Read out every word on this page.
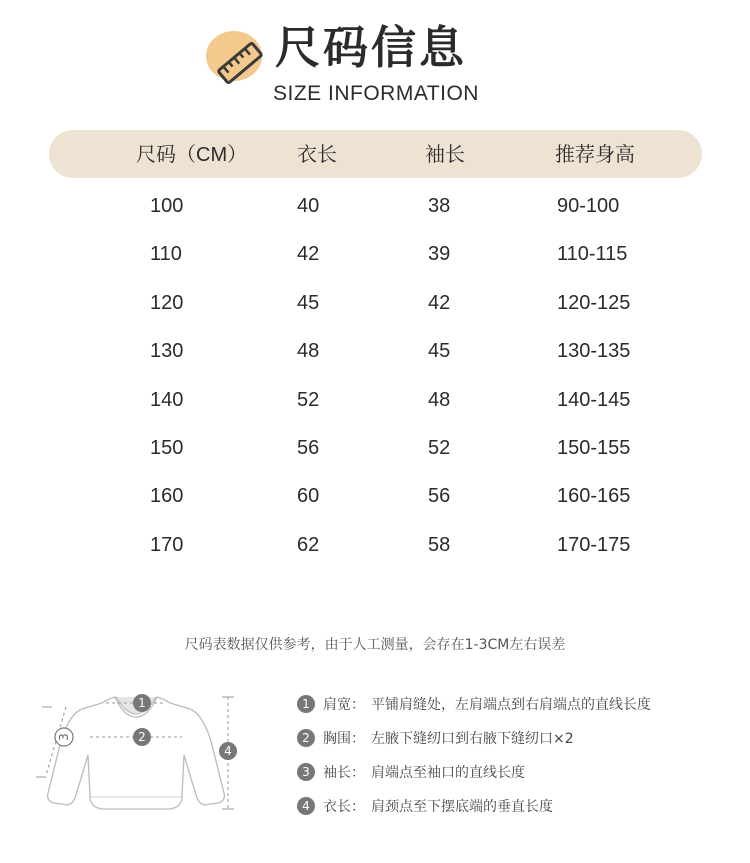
尺码信息
SIZE INFORMATION
尺码（CM） 衣长	袖长	推荐身高
100	40	38	90-100
110	42	39	110-115
120	45	42	120-125
130	48	45	130-135
140	52	48	140-145
150	56	52	150-155
160	60	56	160-165
170	62	58	170-175
尺码表数据仅供参考，由于人工测量，会存在1-3CM左右误差
1
2
3
4
1 肩宽 ： 平铺肩缝处，左肩端点到右肩端点的直线长度
2 胸围 ： 左腋下缝纫口到右腋下缝纫口×2
3 袖长 ： 肩端点至袖口的直线长度
4 衣长 ： 肩颈点至下摆底端的垂直长度
